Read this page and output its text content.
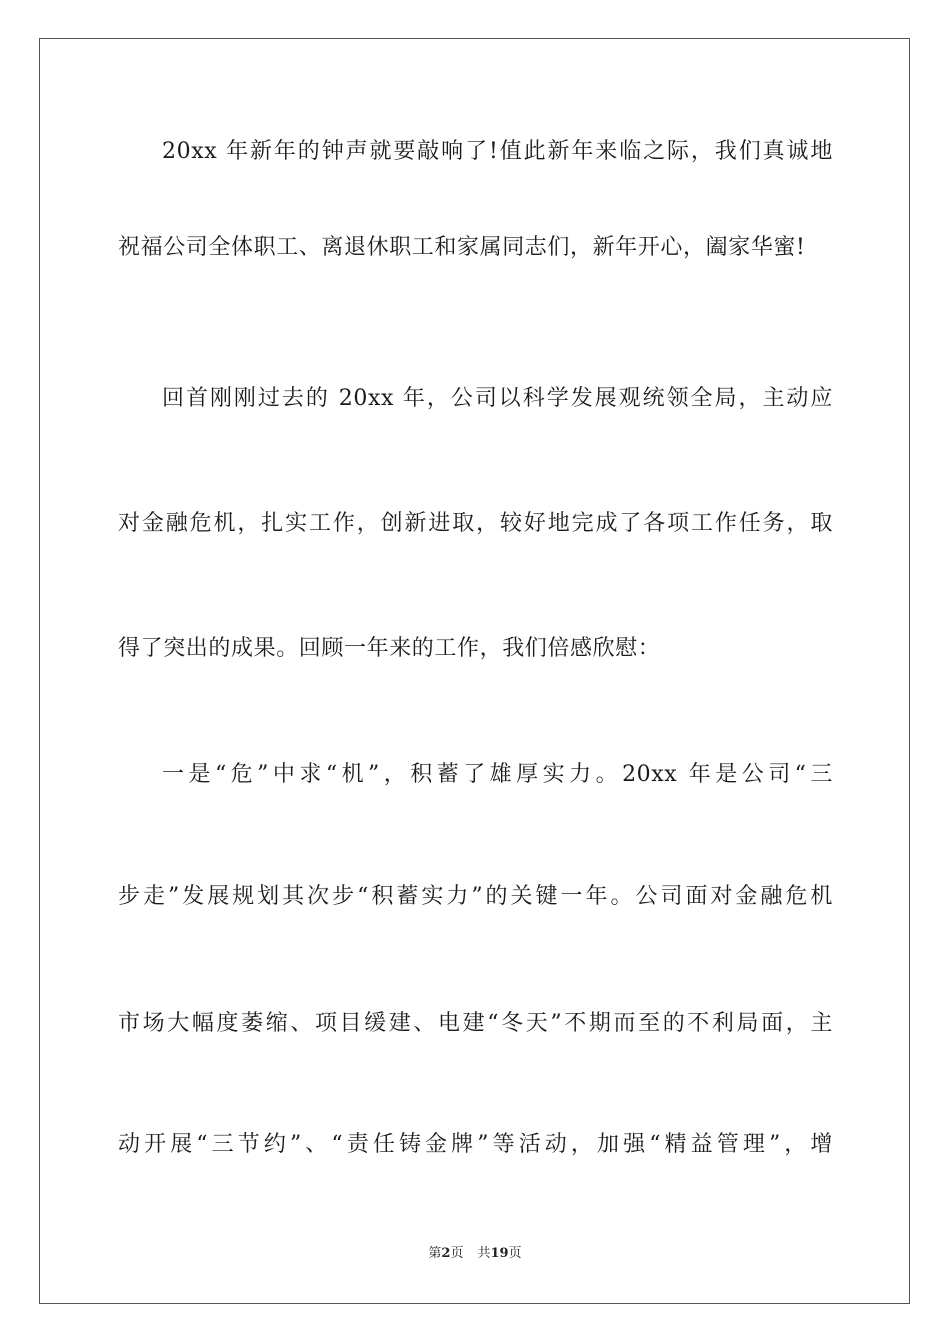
20xx 年新年的钟声就要敲响了!值此新年来临之际，我们真诚地
祝福公司全体职工、离退休职工和家属同志们，新年开心，阖家华蜜!
回首刚刚过去的 20xx 年，公司以科学发展观统领全局，主动应
对金融危机，扎实工作，创新进取，较好地完成了各项工作任务，取
得了突出的成果。回顾一年来的工作，我们倍感欣慰：
一是“危”中求“机”，积蓄了雄厚实力。20xx 年是公司“三
步走”发展规划其次步“积蓄实力”的关键一年。公司面对金融危机
市场大幅度萎缩、项目缓建、电建“冬天”不期而至的不利局面，主
动开展“三节约”、“责任铸金牌”等活动，加强“精益管理”，增
第2页 共19页
